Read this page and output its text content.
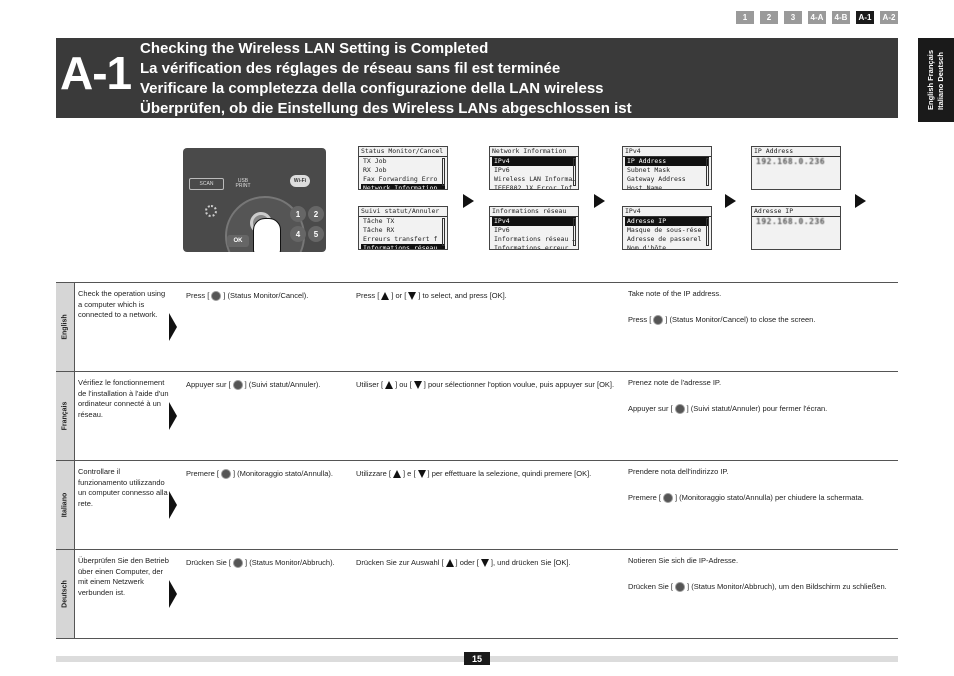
1	2	3	4-A	4-B	A-1	A-2
English Français Italiano Deutsch
A-1 Checking the Wireless LAN Setting is Completed
La vérification des réglages de réseau sans fil est terminée
Verificare la completezza della configurazione della LAN wireless
Überprüfen, ob die Einstellung des Wireless LANs abgeschlossen ist
SCAN	USB
PRINT
Wi-Fi
OK
1	2
4	5
Status Monitor/Cancel
TX Job
RX Job
Fax Forwarding Erro
Network Information
Network Information
IPv4
IPv6
Wireless LAN Informa…
IEEE802.1X Error Inf…
IPv4
IP Address
Subnet Mask
Gateway Address
Host Name
IP Address
192.168.0.236
Suivi statut/Annuler
Tâche TX
Tâche RX
Erreurs transfert f
Informations réseau
Informations réseau
IPv4
IPv6
Informations réseau …
Informations erreur …
IPv4
Adresse IP
Masque de sous-rése
Adresse de passerel
Nom d'hôte
Adresse IP
192.168.0.236
English
Check the operation using a computer which is connected to a network.
Press [ ] (Status Monitor/Cancel).	Press [ ] or [ ] to select, and press [OK].	Take note of the IP address.
Press [ ] (Status Monitor/Cancel) to close the screen.
Français
Vérifiez le fonctionnement de l'installation à l'aide d'un ordinateur connecté à un réseau.
Appuyer sur [ ] (Suivi statut/Annuler).	Utiliser [ ] ou [ ] pour sélectionner l'option voulue, puis appuyer sur [OK].	Prenez note de l'adresse IP.
Appuyer sur [ ] (Suivi statut/Annuler) pour fermer l'écran.
Italiano
Controllare il funzionamento utilizzando un computer connesso alla rete.
Premere [ ] (Monitoraggio stato/Annulla).	Utilizzare [ ] e [ ] per effettuare la selezione, quindi premere [OK].	Prendere nota dell'indirizzo IP.
Premere [ ] (Monitoraggio stato/Annulla) per chiudere la schermata.
Deutsch
Überprüfen Sie den Betrieb über einen Computer, der mit einem Netzwerk verbunden ist.
Drücken Sie [ ] (Status Monitor/Abbruch).	Drücken Sie zur Auswahl [ ] oder [ ], und drücken Sie [OK].	Notieren Sie sich die IP-Adresse.
Drücken Sie [ ] (Status Monitor/Abbruch), um den Bildschirm zu schließen.
15
